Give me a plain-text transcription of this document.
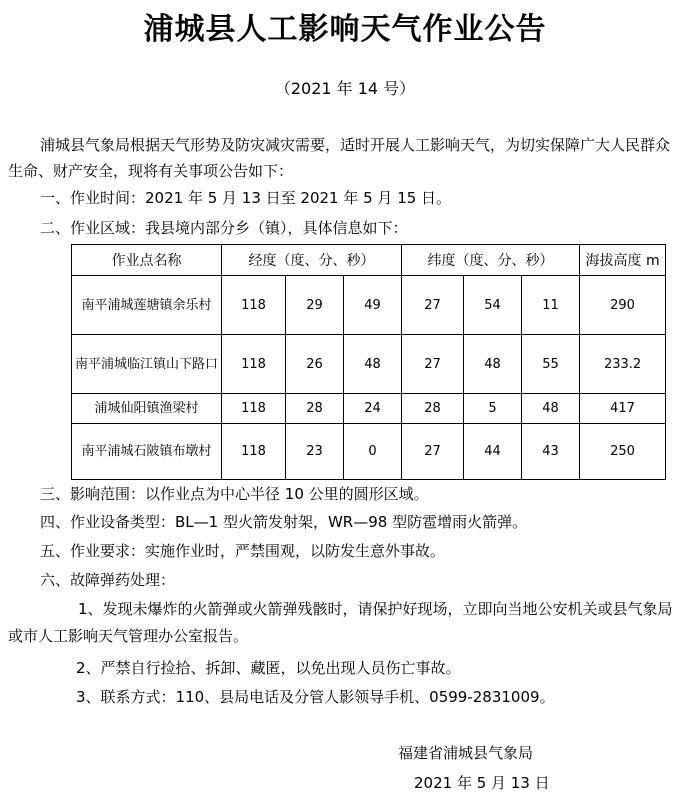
浦城县人工影响天气作业公告
（2021 年 14 号）
浦城县气象局根据天气形势及防灾减灾需要，适时开展人工影响天气，为切实保障广大人民群众生命、财产安全，现将有关事项公告如下：
一、作业时间：2021 年 5 月 13 日至 2021 年 5 月 15 日。
二、作业区域：我县境内部分乡（镇），具体信息如下：
作业点名称	经度（度、分、秒）			纬度（度、分、秒）			海拔高度 m
南平浦城莲塘镇余乐村	118	29	49	27	54	11	290
南平浦城临江镇山下路口	118	26	48	27	48	55	233.2
浦城仙阳镇渔梁村	118	28	24	28	5	48	417
南平浦城石陂镇布墩村	118	23	0	27	44	43	250
三、影响范围：以作业点为中心半径 10 公里的圆形区域。
四、作业设备类型：BL—1 型火箭发射架，WR—98 型防雹增雨火箭弹。
五、作业要求：实施作业时，严禁围观，以防发生意外事故。
六、故障弹药处理：
1、发现未爆炸的火箭弹或火箭弹残骸时，请保护好现场，立即向当地公安机关或县气象局或市人工影响天气管理办公室报告。
2、严禁自行捡拾、拆卸、藏匿，以免出现人员伤亡事故。
3、联系方式：110、县局电话及分管人影领导手机、0599-2831009。
福建省浦城县气象局
2021 年 5 月 13 日
